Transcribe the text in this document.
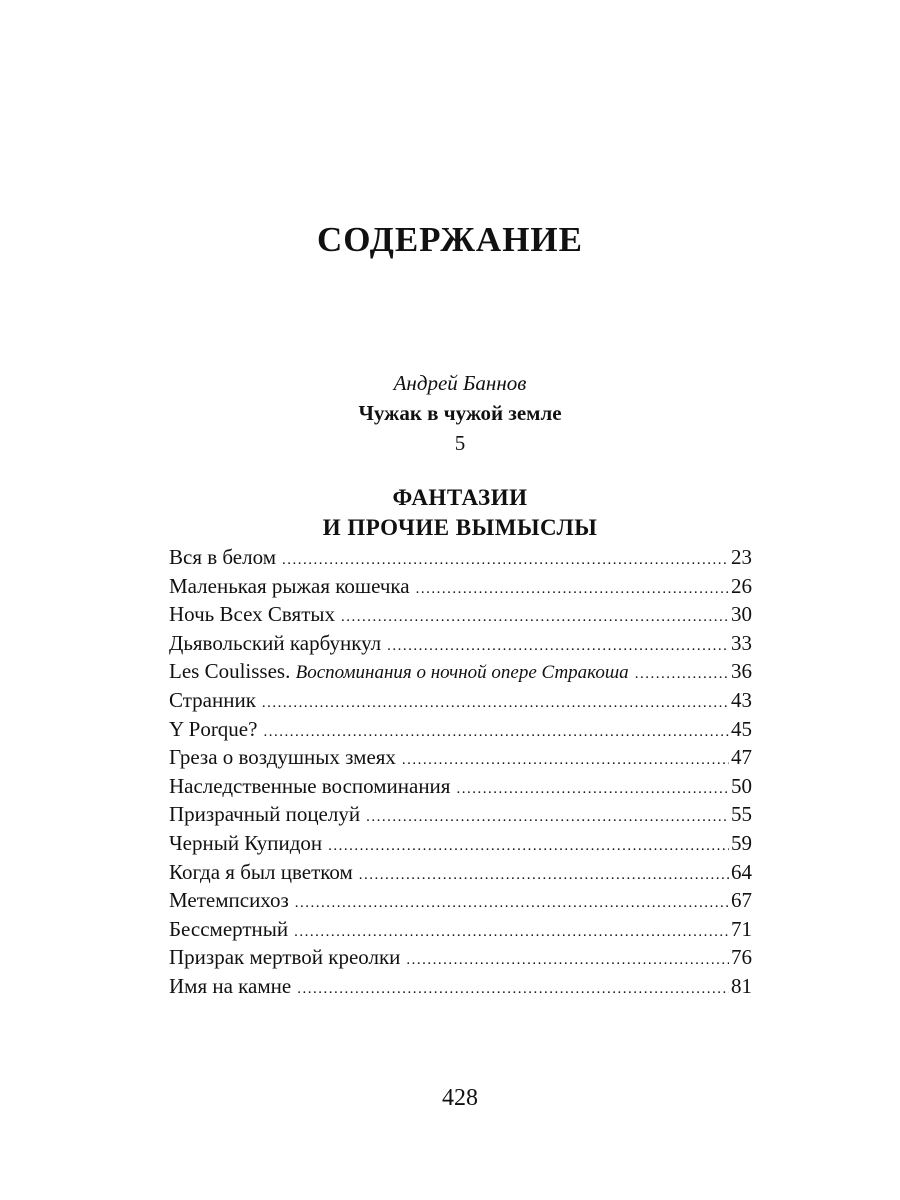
СОДЕРЖАНИЕ
Андрей Баннов
Чужак в чужой земле
5
ФАНТАЗИИ
И ПРОЧИЕ ВЫМЫСЛЫ
Вся в белом .....	23
Маленькая рыжая кошечка .....	26
Ночь Всех Святых .....	30
Дьявольский карбункул .....	33
Les Coulisses. Воспоминания о ночной опере Стракоша .....	36
Странник .....	43
Y Porque? .....	45
Греза о воздушных змеях .....	47
Наследственные воспоминания .....	50
Призрачный поцелуй .....	55
Черный Купидон .....	59
Когда я был цветком .....	64
Метемпсихоз .....	67
Бессмертный .....	71
Призрак мертвой креолки .....	76
Имя на камне .....	81
428
